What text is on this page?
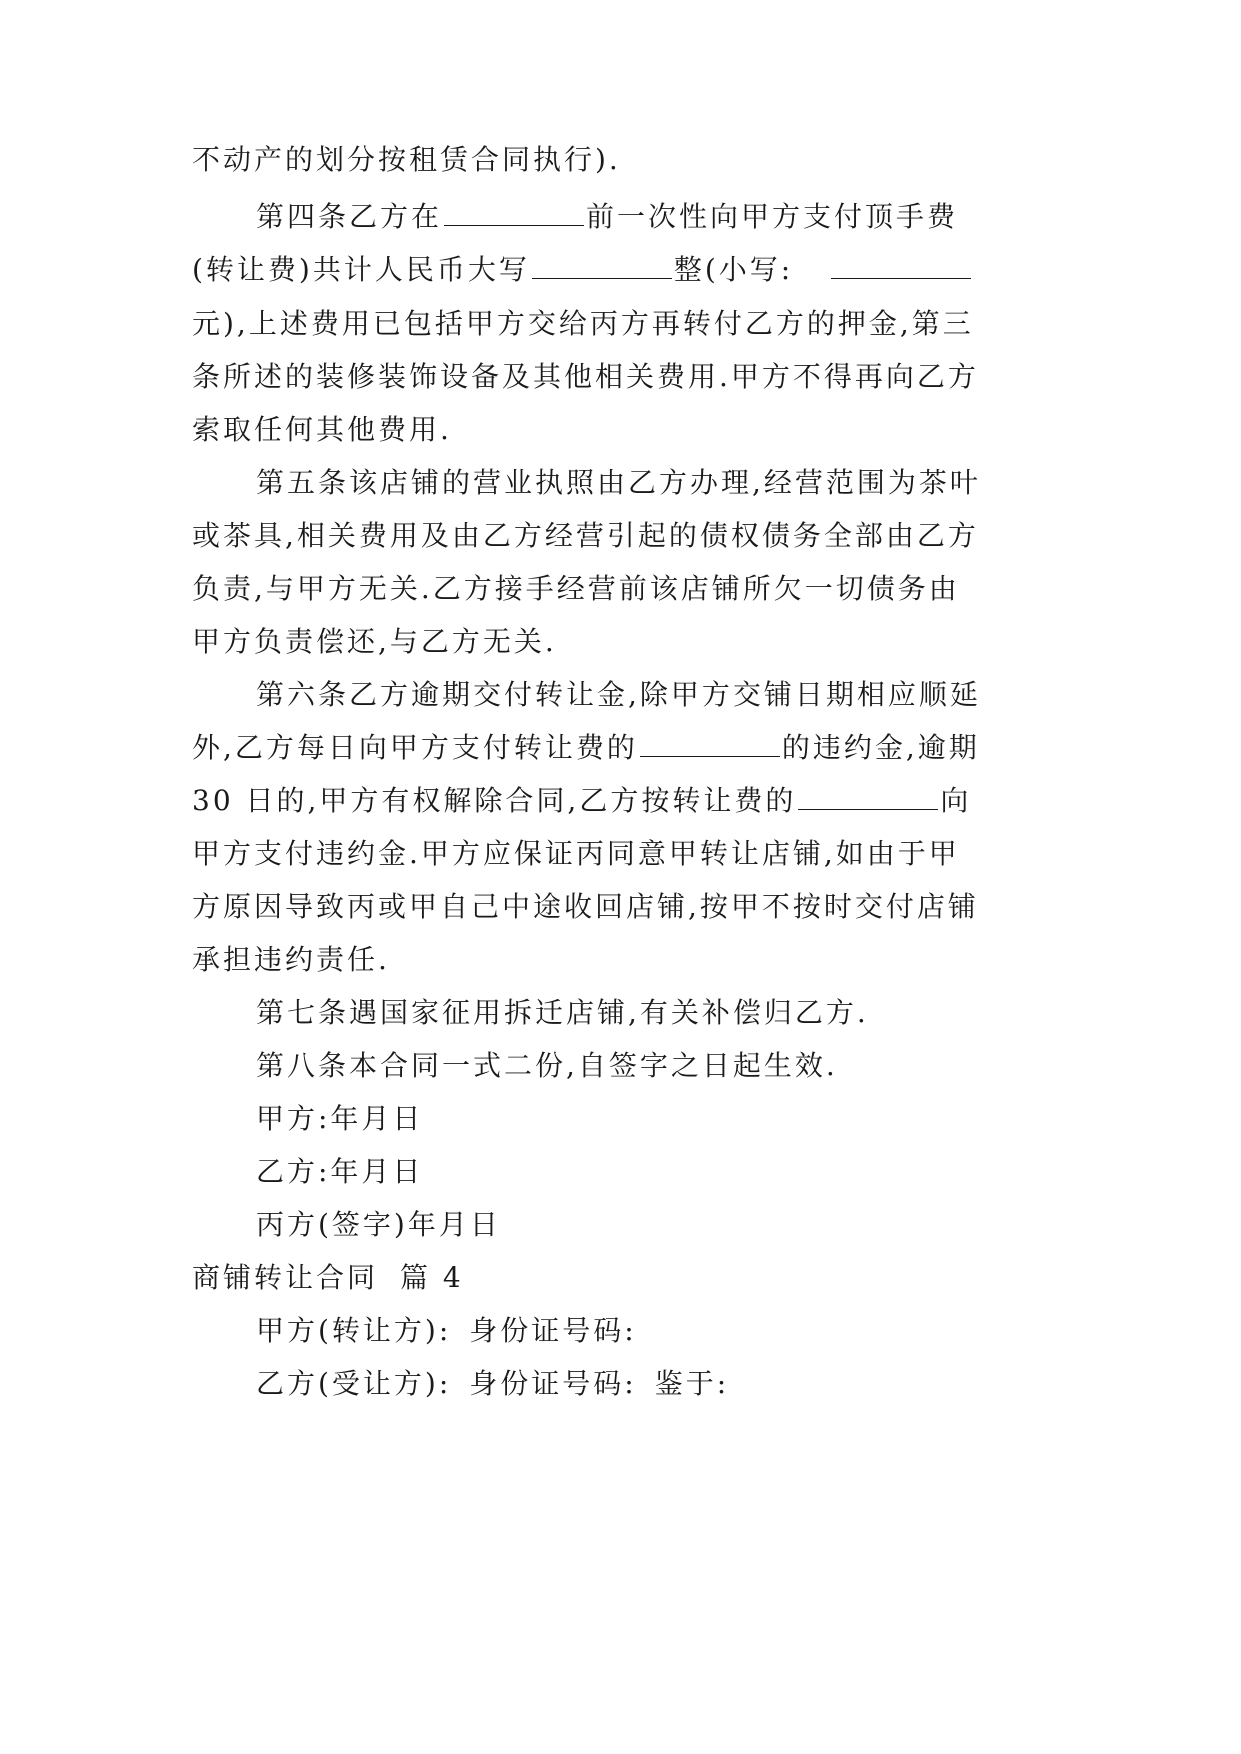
不动产的划分按租赁合同执行).
第四条乙方在	前一次性向甲方支付顶手费
(转让费)共计人民币大写	整(小写:
元),上述费用已包括甲方交给丙方再转付乙方的押金,第三
条所述的装修装饰设备及其他相关费用.甲方不得再向乙方
索取任何其他费用.
第五条该店铺的营业执照由乙方办理,经营范围为茶叶
或茶具,相关费用及由乙方经营引起的债权债务全部由乙方
负责,与甲方无关.乙方接手经营前该店铺所欠一切债务由
甲方负责偿还,与乙方无关.
第六条乙方逾期交付转让金,除甲方交铺日期相应顺延
外,乙方每日向甲方支付转让费的	的违约金,逾期
30 日的,甲方有权解除合同,乙方按转让费的	向
甲方支付违约金.甲方应保证丙同意甲转让店铺,如由于甲
方原因导致丙或甲自己中途收回店铺,按甲不按时交付店铺
承担违约责任.
第七条遇国家征用拆迁店铺,有关补偿归乙方.
第八条本合同一式二份,自签字之日起生效.
甲方:年月日
乙方:年月日
丙方(签字)年月日
商铺转让合同 篇 4
甲方(转让方): 身份证号码:
乙方(受让方): 身份证号码: 鉴于:
